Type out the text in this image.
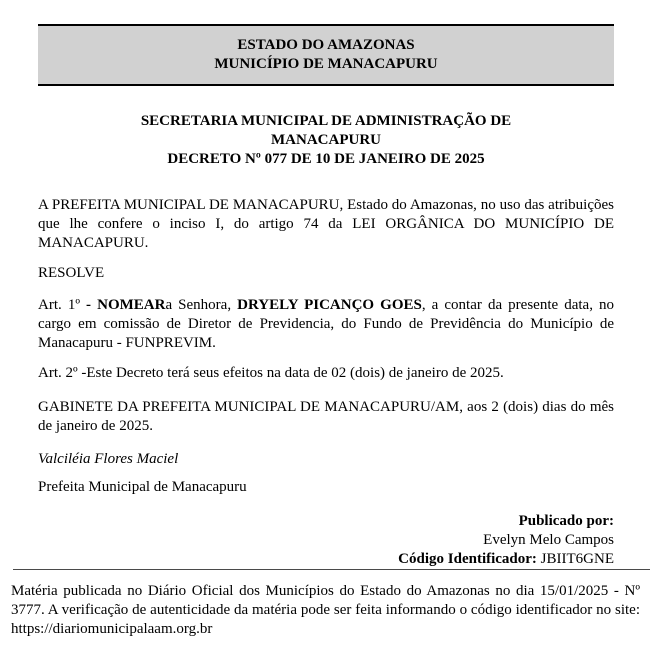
ESTADO DO AMAZONAS
MUNICÍPIO DE MANACAPURU
SECRETARIA MUNICIPAL DE ADMINISTRAÇÃO DE
MANACAPURU
DECRETO Nº 077 DE 10 DE JANEIRO DE 2025

A PREFEITA MUNICIPAL DE MANACAPURU, Estado do Amazonas, no uso das atribuições que lhe confere o inciso I, do artigo 74 da LEI ORGÂNICA DO MUNICÍPIO DE MANACAPURU.

RESOLVE

Art. 1º - NOMEARa Senhora, DRYELY PICANÇO GOES, a contar da presente data, no cargo em comissão de Diretor de Previdencia, do Fundo de Previdência do Município de Manacapuru - FUNPREVIM.

Art. 2º -Este Decreto terá seus efeitos na data de 02 (dois) de janeiro de 2025.

GABINETE DA PREFEITA MUNICIPAL DE MANACAPURU/AM, aos 2 (dois) dias do mês de janeiro de 2025.

Valciléia Flores Maciel

Prefeita Municipal de Manacapuru

Publicado por:
Evelyn Melo Campos
Código Identificador: JBIIT6GNE

Matéria publicada no Diário Oficial dos Municípios do Estado do Amazonas no dia 15/01/2025 - Nº 3777. A verificação de autenticidade da matéria pode ser feita informando o código identificador no site: https://diariomunicipalaam.org.br
